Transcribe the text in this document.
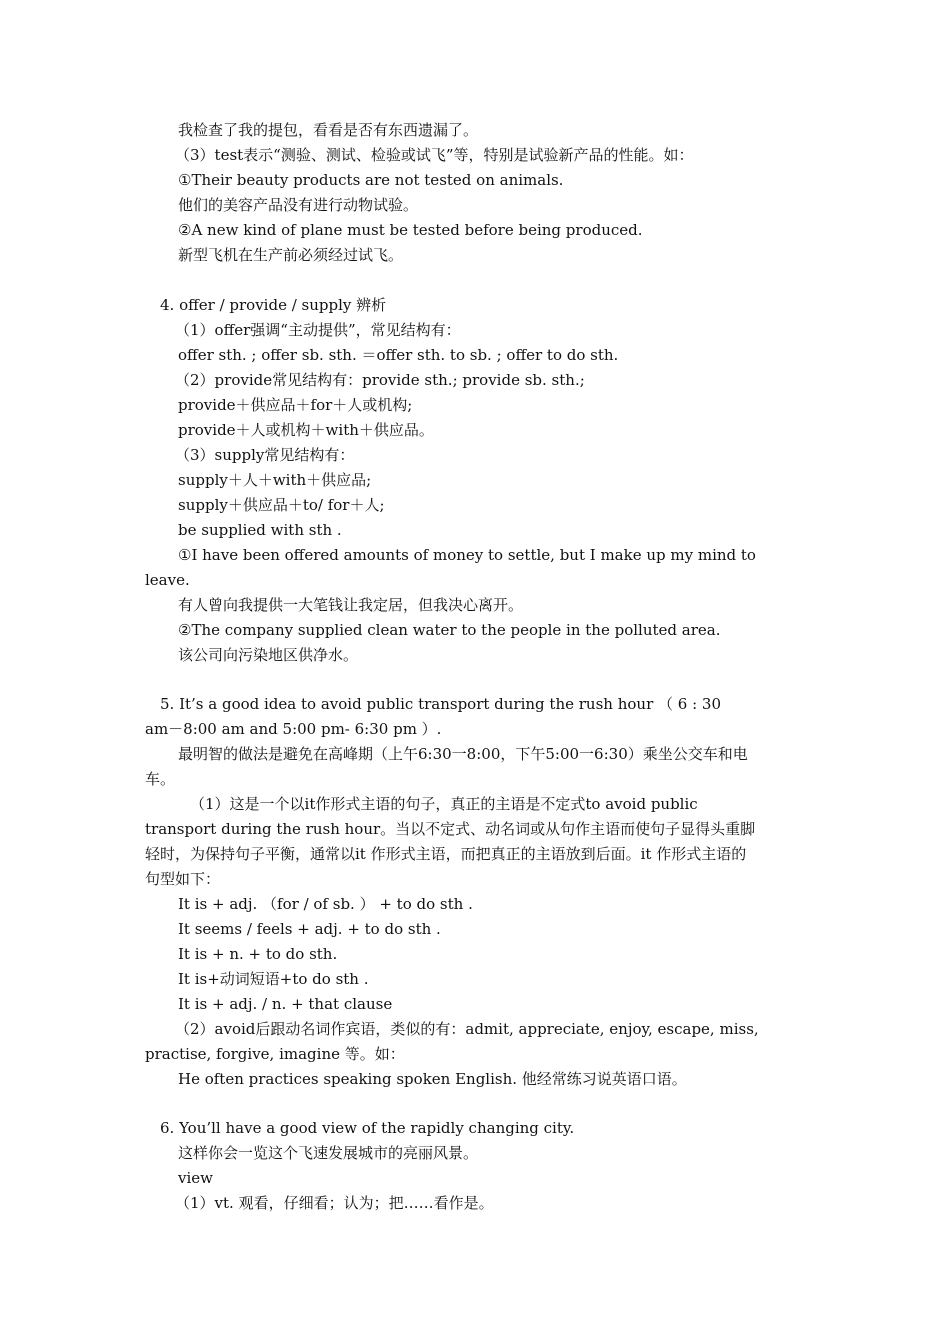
我检查了我的提包，看看是否有东西遗漏了。
（3）test表示“测验、测试、检验或试飞”等，特别是试验新产品的性能。如：
①Their beauty products are not tested on animals.
他们的美容产品没有进行动物试验。
②A new kind of plane must be tested before being produced.
新型飞机在生产前必须经过试飞。
4. offer / provide / supply 辨析
（1）offer强调“主动提供”，常见结构有：
offer sth. ; offer sb. sth. ＝offer sth. to sb. ; offer to do sth.
（2）provide常见结构有：provide sth.; provide sb. sth.;
provide＋供应品＋for＋人或机构;
provide＋人或机构＋with＋供应品。
（3）supply常见结构有：
supply＋人＋with＋供应品;
supply＋供应品＋to/ for＋人;
be supplied with sth .
①I have been offered amounts of money to settle, but I make up my mind to
leave.
有人曾向我提供一大笔钱让我定居，但我决心离开。
②The company supplied clean water to the people in the polluted area.
该公司向污染地区供净水。
5. It’s a good idea to avoid public transport during the rush hour （ 6 : 30
am－8:00 am and 5:00 pm- 6:30 pm ）.
最明智的做法是避免在高峰期（上午6:30一8:00，下午5:00一6:30）乘坐公交车和电
车。
（1）这是一个以it作形式主语的句子，真正的主语是不定式to avoid public
transport during the rush hour。当以不定式、动名词或从句作主语而使句子显得头重脚
轻时，为保持句子平衡，通常以it 作形式主语，而把真正的主语放到后面。it 作形式主语的
句型如下：
It is + adj. （for / of sb. ） + to do sth .
It seems / feels + adj. + to do sth .
It is + n. + to do sth.
It is+动词短语+to do sth .
It is + adj. / n. + that clause
（2）avoid后跟动名词作宾语，类似的有：admit, appreciate, enjoy, escape, miss,
practise, forgive, imagine 等。如：
He often practices speaking spoken English. 他经常练习说英语口语。
6. You’ll have a good view of the rapidly changing city.
这样你会一览这个飞速发展城市的亮丽风景。
view
（1）vt. 观看，仔细看；认为；把……看作是。
